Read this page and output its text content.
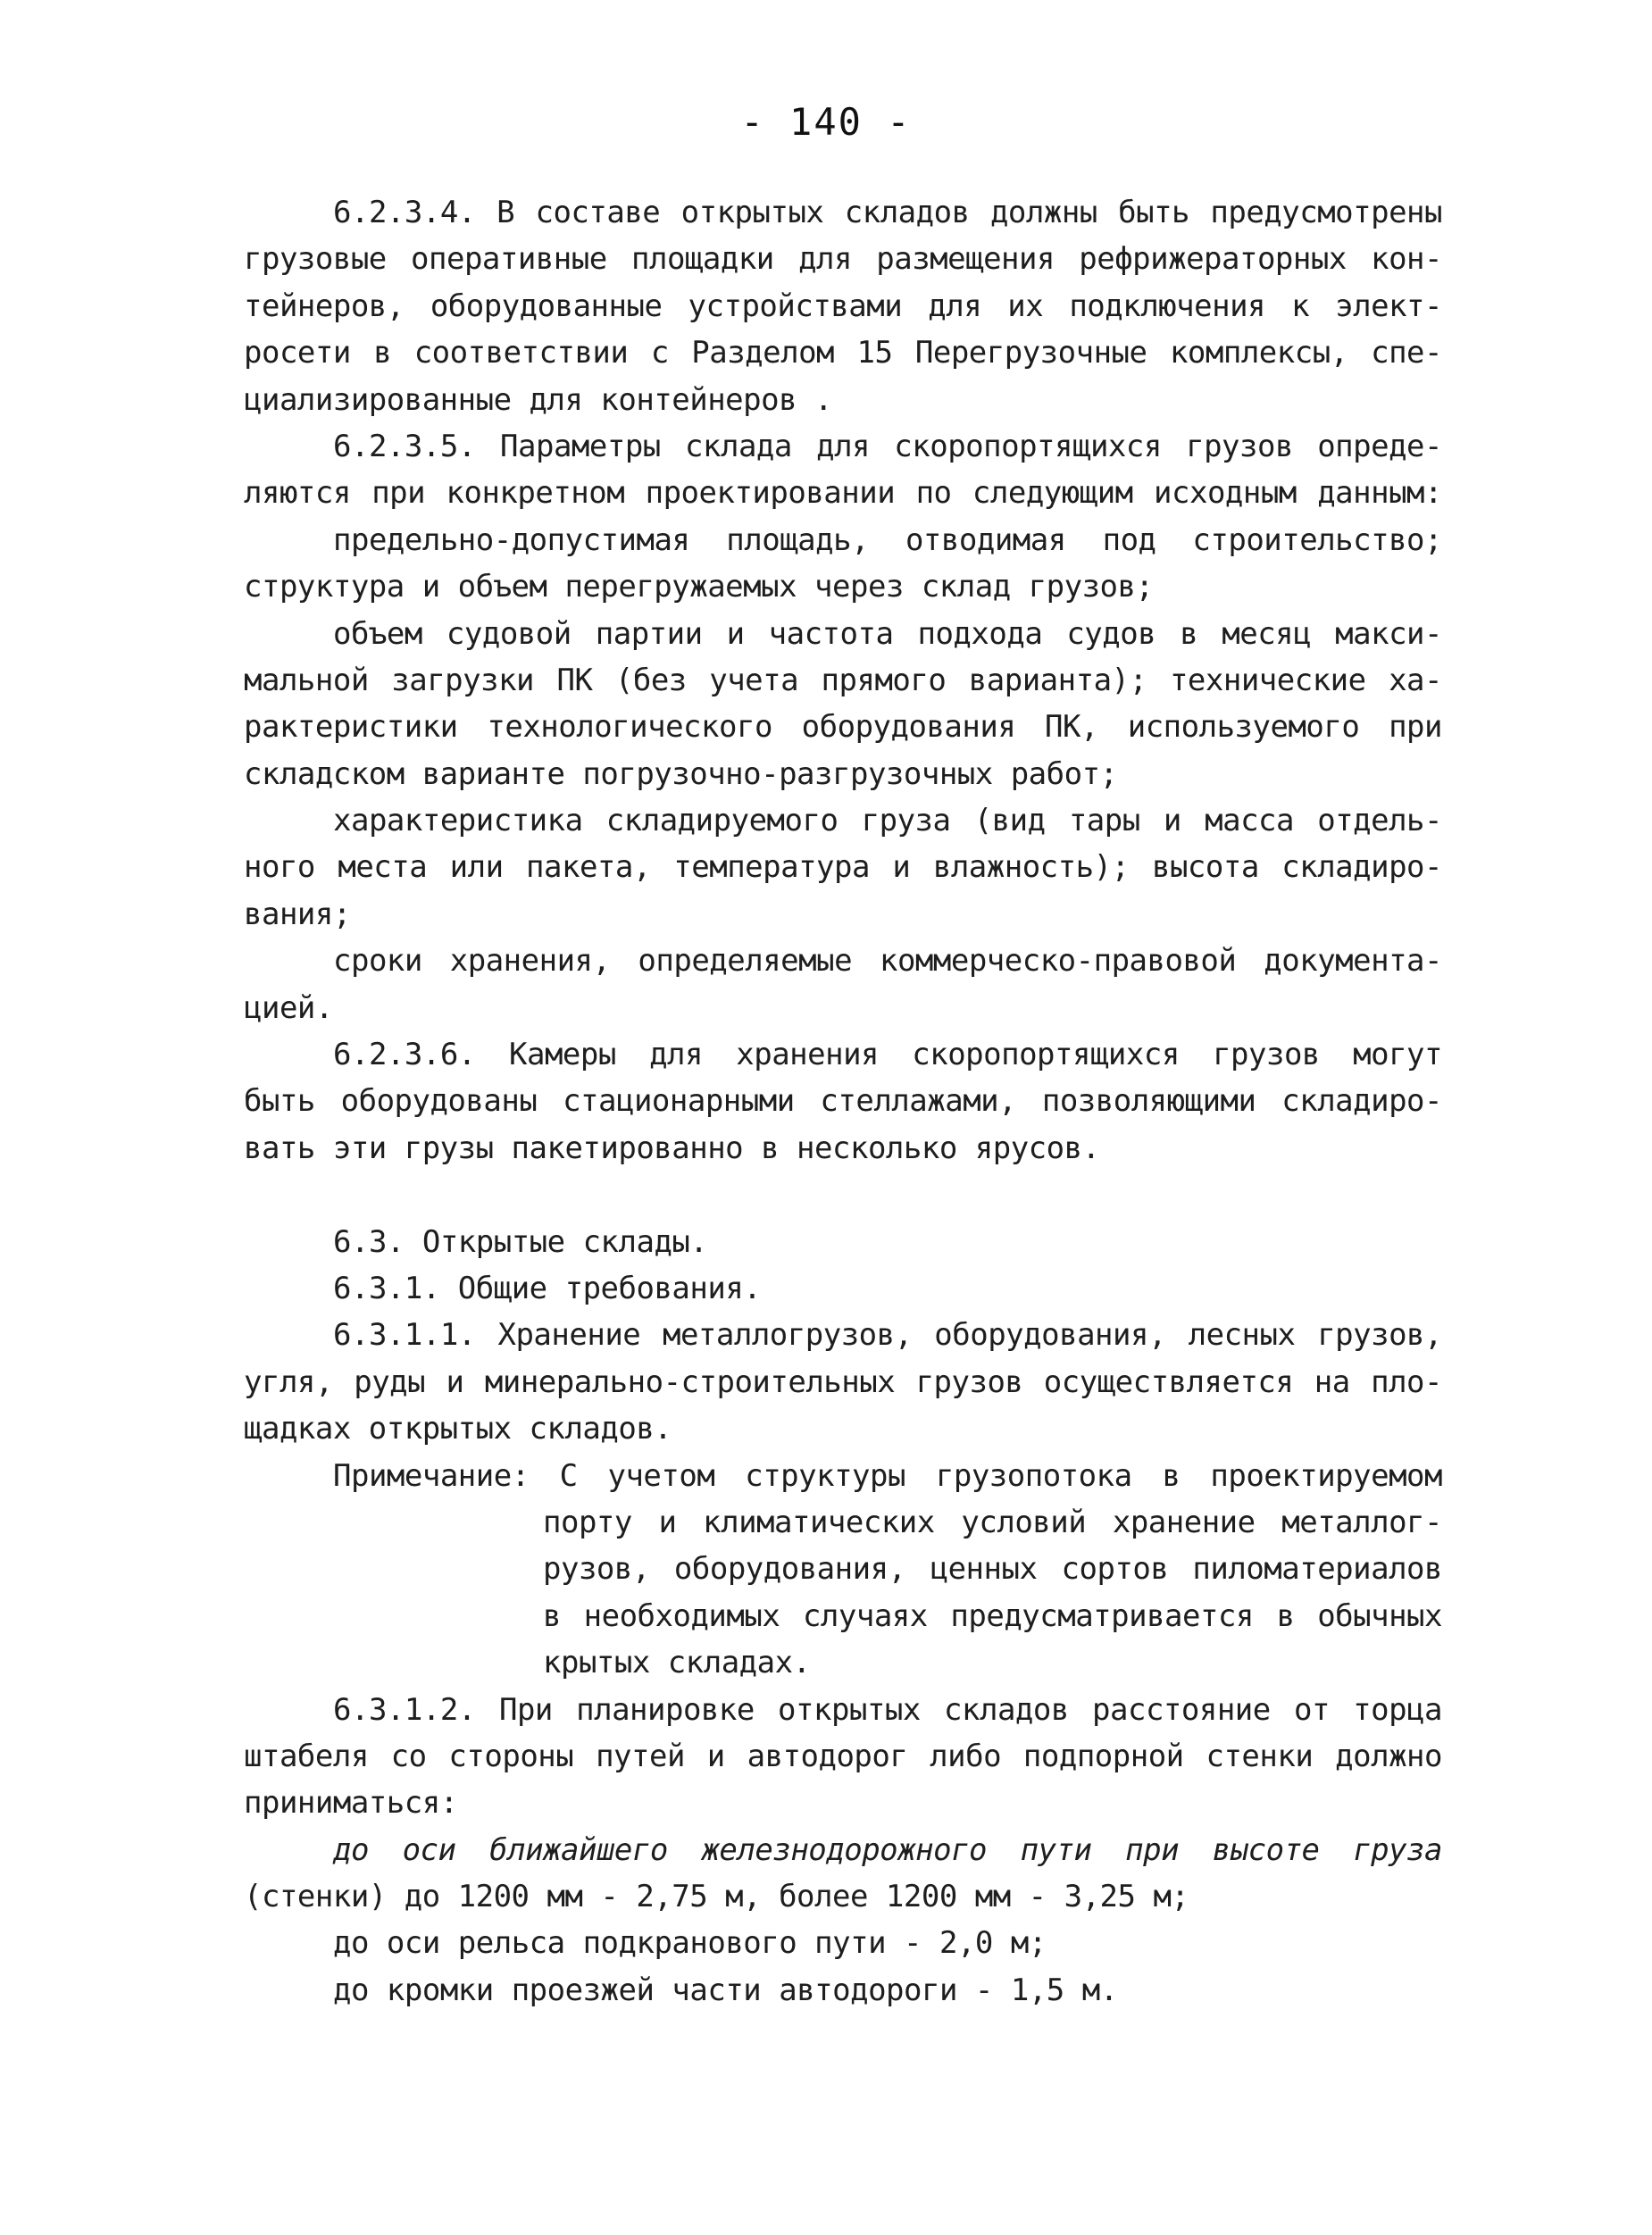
- 140 -
6.2.3.4. В составе открытых складов должны быть предусмотрены
грузовые оперативные площадки для размещения рефрижераторных кон-
тейнеров, оборудованные устройствами для их подключения к элект-
росети в соответствии с Разделом 15 Перегрузочные комплексы, спе-
циализированные для контейнеров .
6.2.3.5. Параметры склада для скоропортящихся грузов опреде-
ляются при конкретном проектировании по следующим исходным данным:
предельно-допустимая площадь, отводимая под строительство;
структура и объем перегружаемых через склад грузов;
объем судовой партии и частота подхода судов в месяц макси-
мальной загрузки ПК (без учета прямого варианта); технические ха-
рактеристики технологического оборудования ПК, используемого при
складском варианте погрузочно-разгрузочных работ;
характеристика складируемого груза (вид тары и масса отдель-
ного места или пакета, температура и влажность); высота складиро-
вания;
сроки хранения, определяемые коммерческо-правовой документа-
цией.
6.2.3.6. Камеры для хранения скоропортящихся грузов могут
быть оборудованы стационарными стеллажами, позволяющими складиро-
вать эти грузы пакетированно в несколько ярусов.
6.3. Открытые склады.
6.3.1. Общие требования.
6.3.1.1. Хранение металлогрузов, оборудования, лесных грузов,
угля, руды и минерально-строительных грузов осуществляется на пло-
щадках открытых складов.
Примечание: С учетом структуры грузопотока в проектируемом
порту и климатических условий хранение металлог-
рузов, оборудования, ценных сортов пиломатериалов
в необходимых случаях предусматривается в обычных
крытых складах.
6.3.1.2. При планировке открытых складов расстояние от торца
штабеля со стороны путей и автодорог либо подпорной стенки должно
приниматься:
до оси ближайшего железнодорожного пути при высоте груза
(стенки) до 1200 мм - 2,75 м, более 1200 мм - 3,25 м;
до оси рельса подкранового пути - 2,0 м;
до кромки проезжей части автодороги - 1,5 м.
